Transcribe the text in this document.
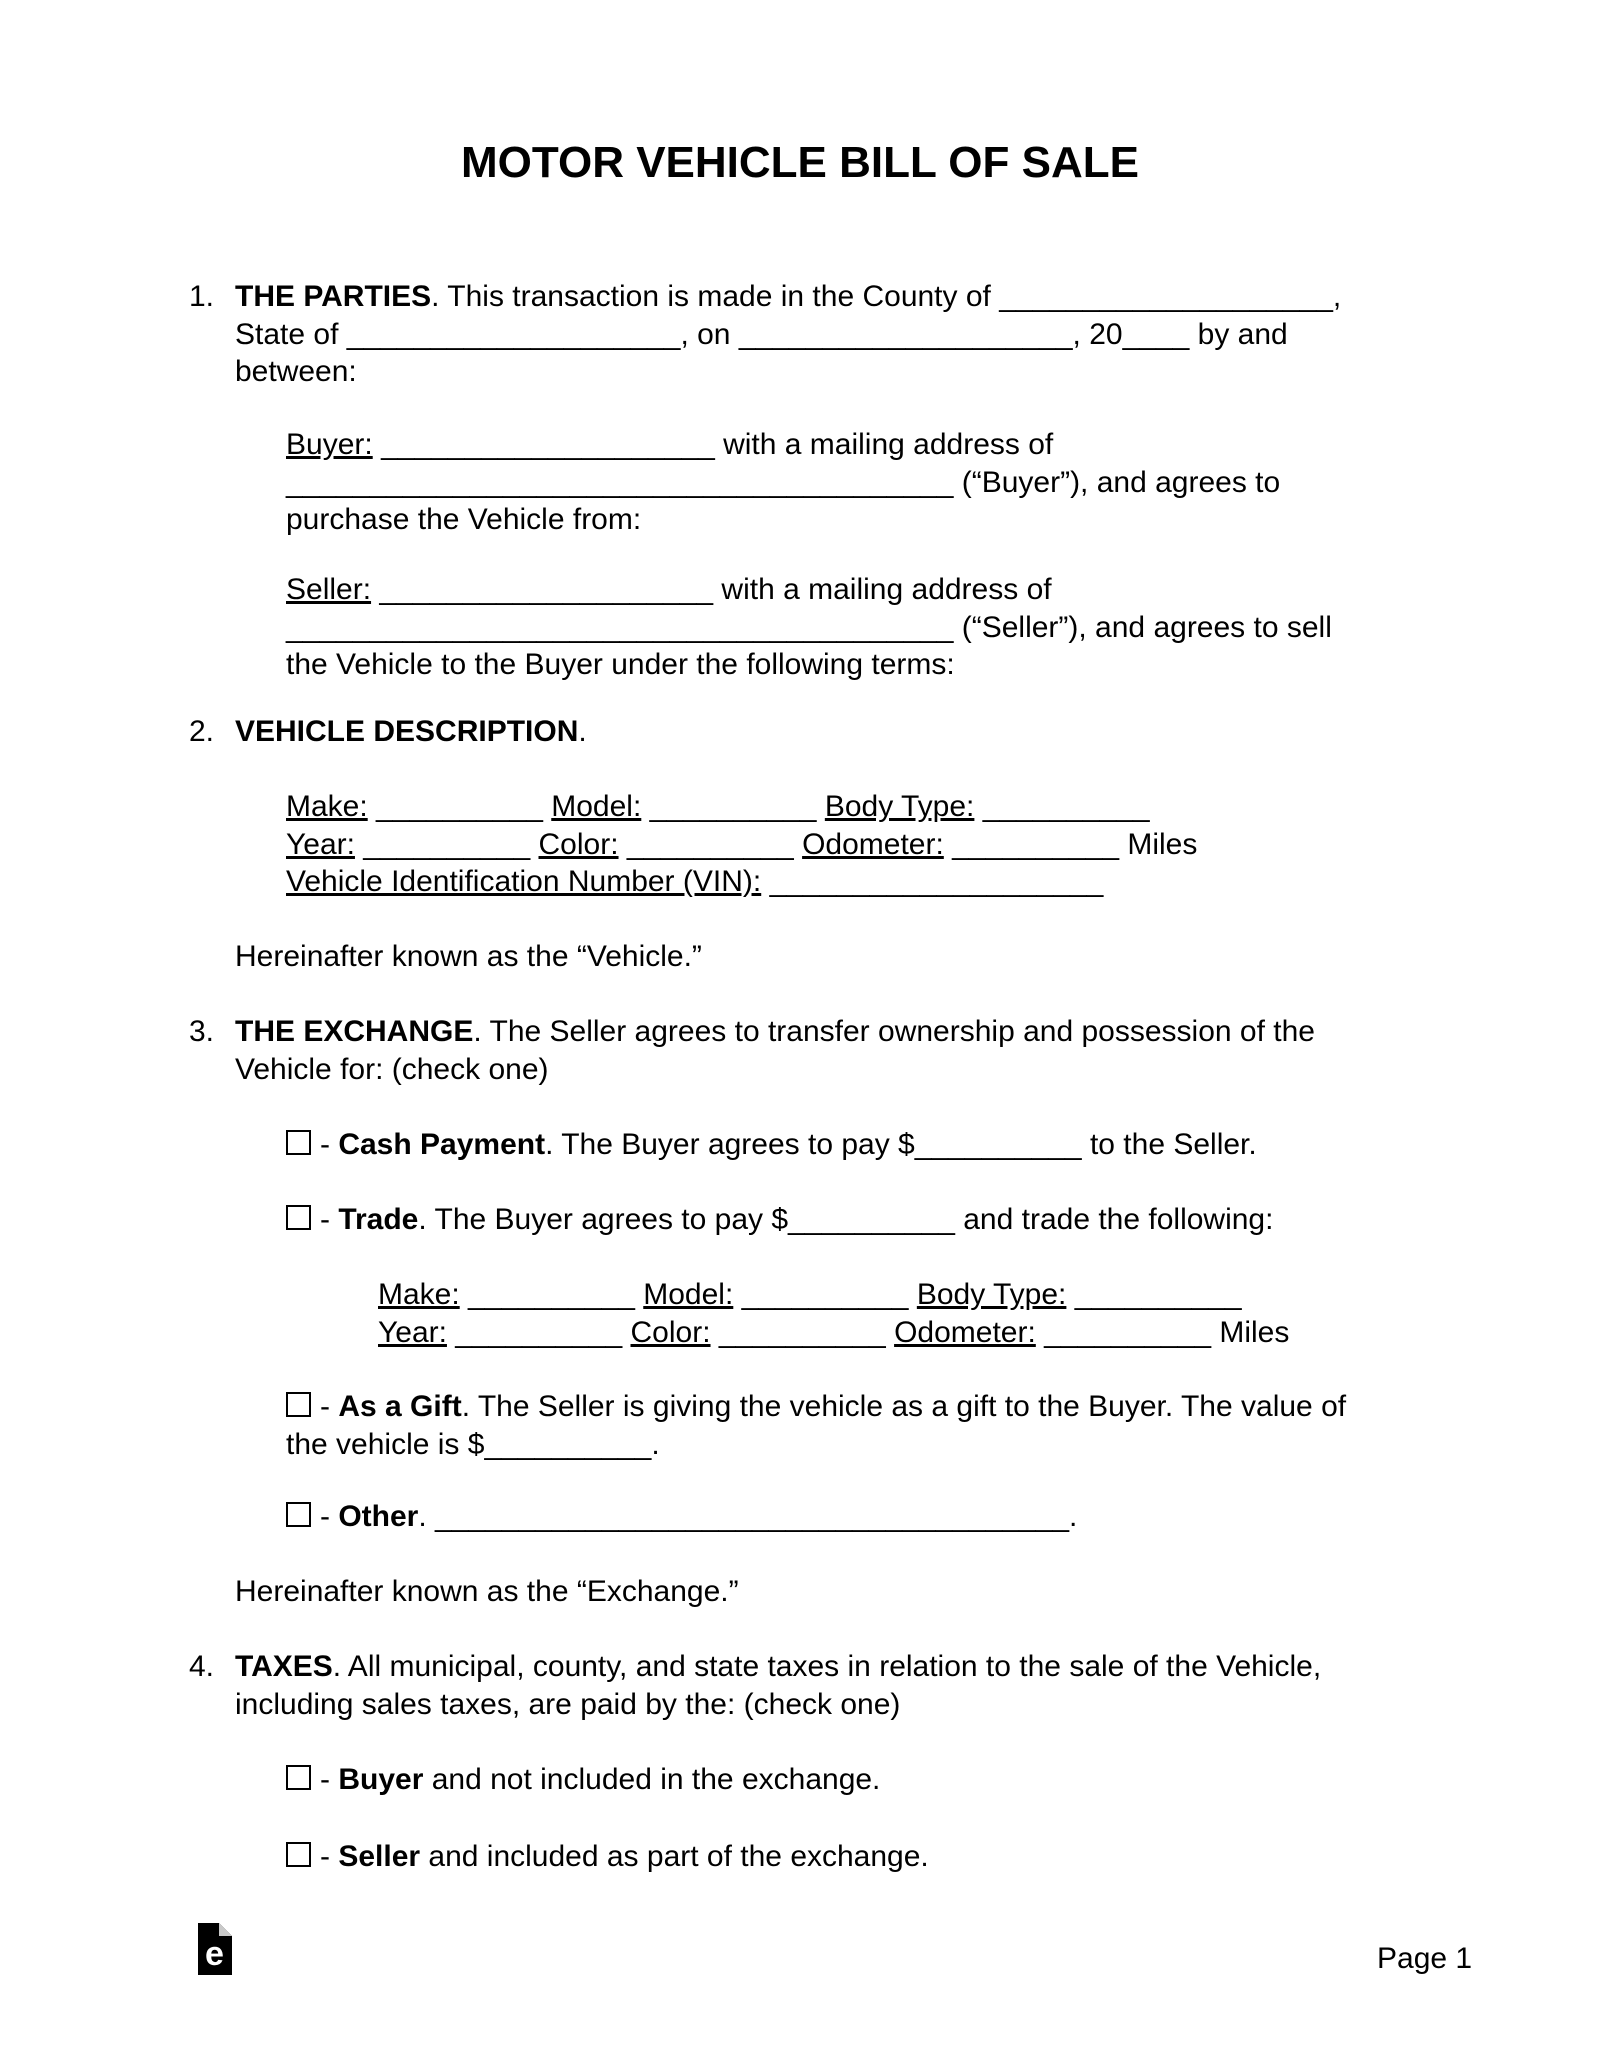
MOTOR VEHICLE BILL OF SALE
1. THE PARTIES. This transaction is made in the County of ____________________,
State of ____________________, on ____________________, 20____ by and
between:
Buyer: ____________________ with a mailing address of
________________________________________ (“Buyer”), and agrees to
purchase the Vehicle from:
Seller: ____________________ with a mailing address of
________________________________________ (“Seller”), and agrees to sell
the Vehicle to the Buyer under the following terms:
2. VEHICLE DESCRIPTION.
Make: __________ Model: __________ Body Type: __________
Year: __________ Color: __________ Odometer: __________ Miles
Vehicle Identification Number (VIN): ____________________
Hereinafter known as the “Vehicle.”
3. THE EXCHANGE. The Seller agrees to transfer ownership and possession of the
Vehicle for: (check one)
- Cash Payment. The Buyer agrees to pay $__________ to the Seller.
- Trade. The Buyer agrees to pay $__________ and trade the following:
Make: __________ Model: __________ Body Type: __________
Year: __________ Color: __________ Odometer: __________ Miles
- As a Gift. The Seller is giving the vehicle as a gift to the Buyer. The value of
the vehicle is $__________.
- Other. ______________________________________.
Hereinafter known as the “Exchange.”
4. TAXES. All municipal, county, and state taxes in relation to the sale of the Vehicle,
including sales taxes, are paid by the: (check one)
- Buyer and not included in the exchange.
- Seller and included as part of the exchange.
e	Page 1
